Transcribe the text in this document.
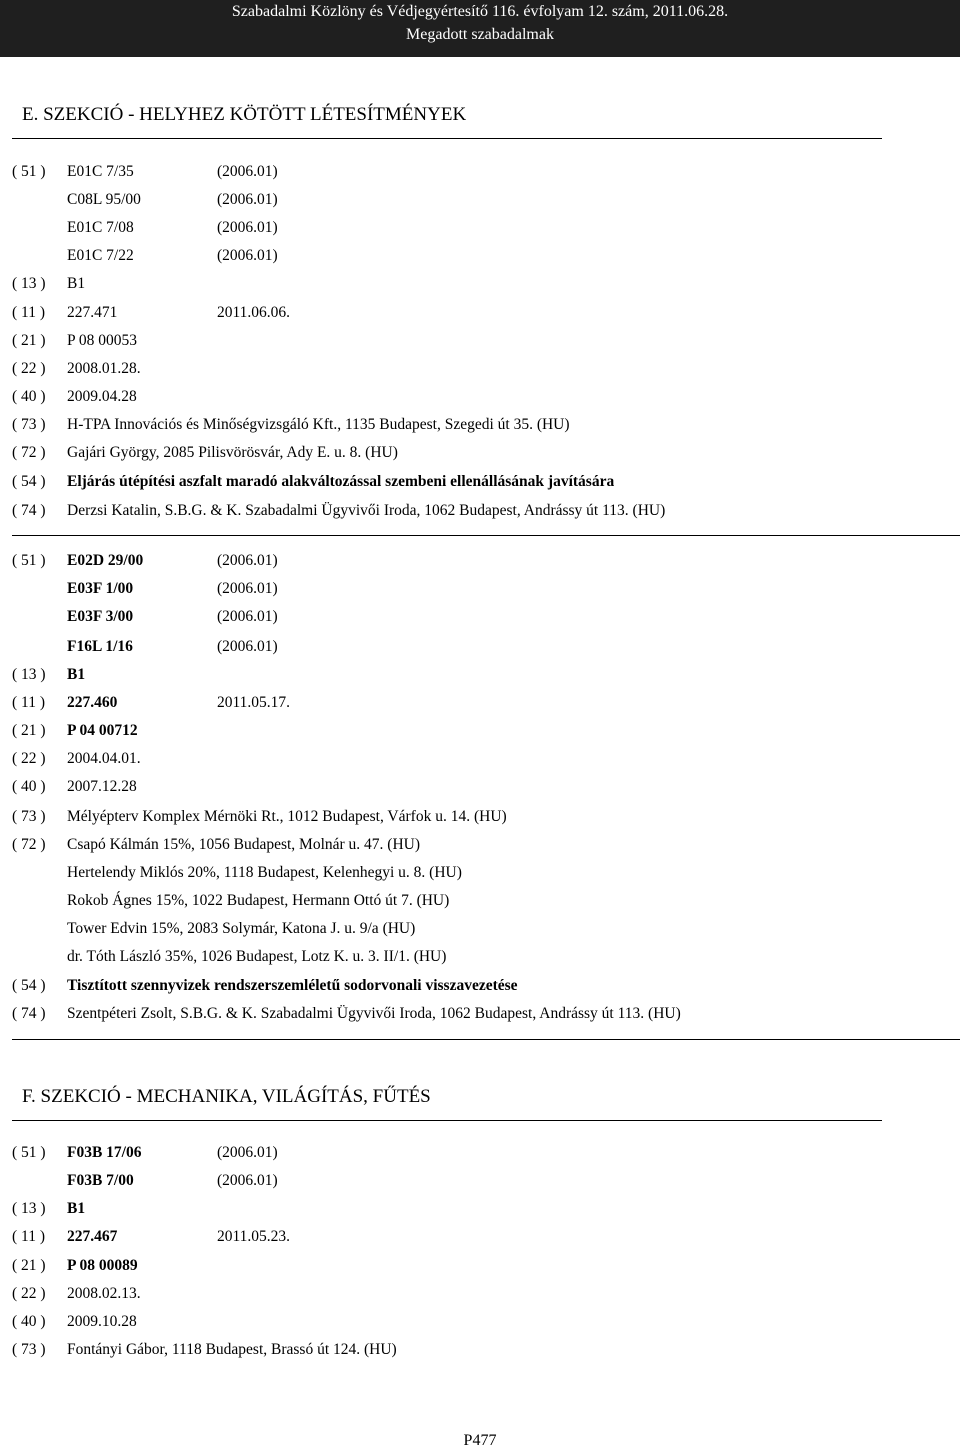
Szabadalmi Közlöny és Védjegyértesítő 116. évfolyam 12. szám, 2011.06.28.
Megadott szabadalmak
E. SZEKCIÓ - HELYHEZ KÖTÖTT LÉTESÍTMÉNYEK
( 51 )	E01C 7/35	(2006.01)
C08L 95/00	(2006.01)
E01C 7/08	(2006.01)
E01C 7/22	(2006.01)
( 13 )	B1
( 11 )	227.471	2011.06.06.
( 21 )	P 08 00053
( 22 )	2008.01.28.
( 40 )	2009.04.28
( 73 )	H-TPA Innovációs és Minőségvizsgáló Kft., 1135 Budapest, Szegedi út 35. (HU)
( 72 )	Gajári György, 2085 Pilisvörösvár, Ady E. u. 8. (HU)
( 54 )	Eljárás útépítési aszfalt maradó alakváltozással szembeni ellenállásának javítására
( 74 )	Derzsi Katalin, S.B.G. & K. Szabadalmi Ügyvivői Iroda, 1062 Budapest, Andrássy út 113. (HU)
( 51 )	E02D 29/00	(2006.01)
E03F 1/00	(2006.01)
E03F 3/00	(2006.01)
F16L 1/16	(2006.01)
( 13 )	B1
( 11 )	227.460	2011.05.17.
( 21 )	P 04 00712
( 22 )	2004.04.01.
( 40 )	2007.12.28
( 73 )	Mélyépterv Komplex Mérnöki Rt., 1012 Budapest, Várfok u. 14. (HU)
( 72 )	Csapó Kálmán 15%, 1056 Budapest, Molnár u. 47. (HU)
Hertelendy Miklós 20%, 1118 Budapest, Kelenhegyi u. 8. (HU)
Rokob Ágnes 15%, 1022 Budapest, Hermann Ottó út 7. (HU)
Tower Edvin 15%, 2083 Solymár, Katona J. u. 9/a (HU)
dr. Tóth László 35%, 1026 Budapest, Lotz K. u. 3. II/1. (HU)
( 54 )	Tisztított szennyvizek rendszerszemléletű sodorvonali visszavezetése
( 74 )	Szentpéteri Zsolt, S.B.G. & K. Szabadalmi Ügyvivői Iroda, 1062 Budapest, Andrássy út 113. (HU)
F. SZEKCIÓ - MECHANIKA, VILÁGÍTÁS, FŰTÉS
( 51 )	F03B 17/06	(2006.01)
F03B 7/00	(2006.01)
( 13 )	B1
( 11 )	227.467	2011.05.23.
( 21 )	P 08 00089
( 22 )	2008.02.13.
( 40 )	2009.10.28
( 73 )	Fontányi Gábor, 1118 Budapest, Brassó út 124. (HU)
P477
